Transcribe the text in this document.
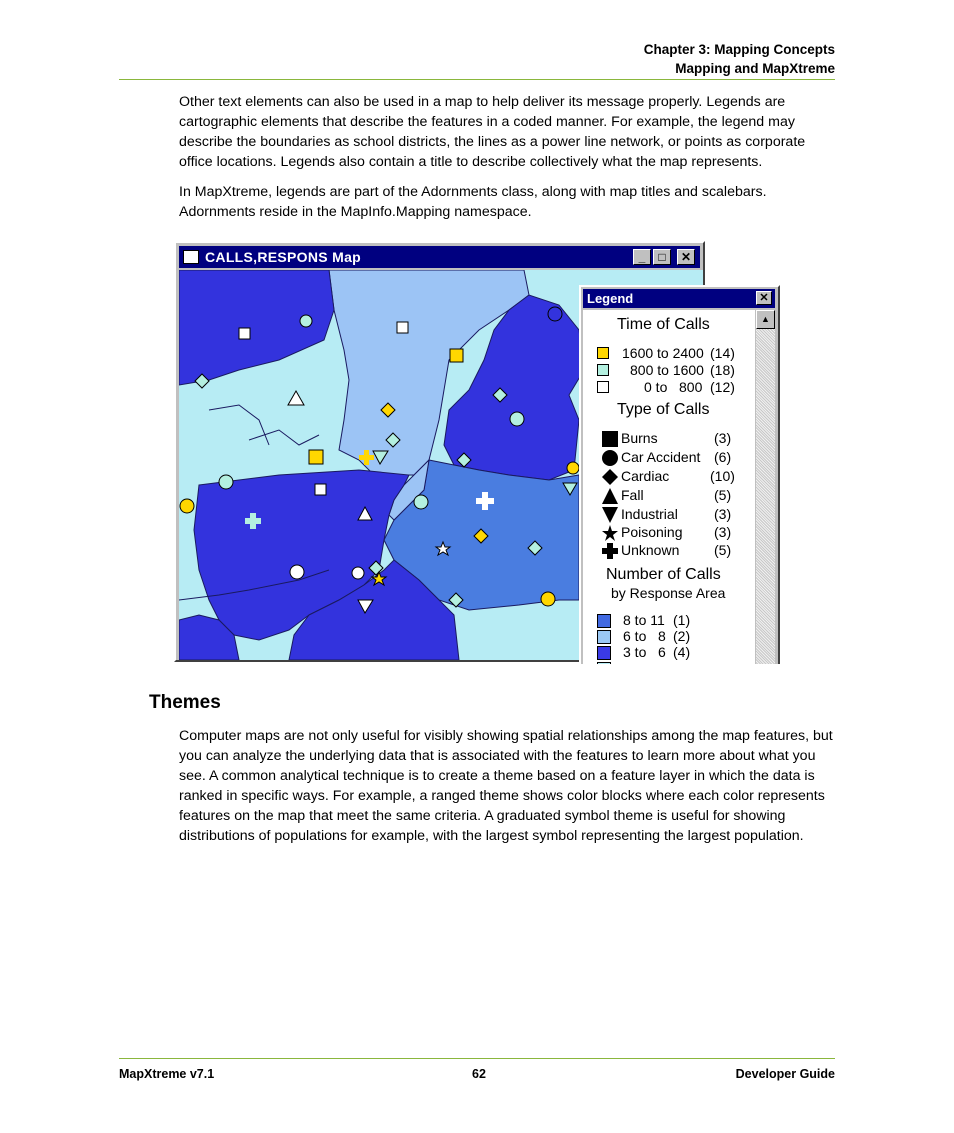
Chapter 3: Mapping Concepts
Mapping and MapXtreme

Other text elements can also be used in a map to help deliver its message properly. Legends are cartographic elements that describe the features in a coded manner. For example, the legend may describe the boundaries as school districts, the lines as a power line network, or points as corporate office locations. Legends also contain a title to describe collectively what the map represents.

In MapXtreme, legends are part of the Adornments class, along with map titles and scalebars. Adornments reside in the MapInfo.Mapping namespace.

CALLS,RESPONS Map	_	□	✕
Legend	✕
Time of Calls
1600 to 2400 (14)
800 to 1600 (18)
0 to   800 (12)
Type of Calls
Burns	(3)
Car Accident (6)
Cardiac	(10)
Fall	(5)
Industrial	(3)
Poisoning (3)
Unknown (5)
Number of Calls
by Response Area
8 to 11 (1)
6 to   8 (2)
3 to   6 (4)
▲
Themes

Computer maps are not only useful for visibly showing spatial relationships among the map features, but you can analyze the underlying data that is associated with the features to learn more about what you see. A common analytical technique is to create a theme based on a feature layer in which the data is ranked in specific ways. For example, a ranged theme shows color blocks where each color represents features on the map that meet the same criteria. A graduated symbol theme is useful for showing distributions of populations for example, with the largest symbol representing the largest population.

MapXtreme v7.1	62	Developer Guide
